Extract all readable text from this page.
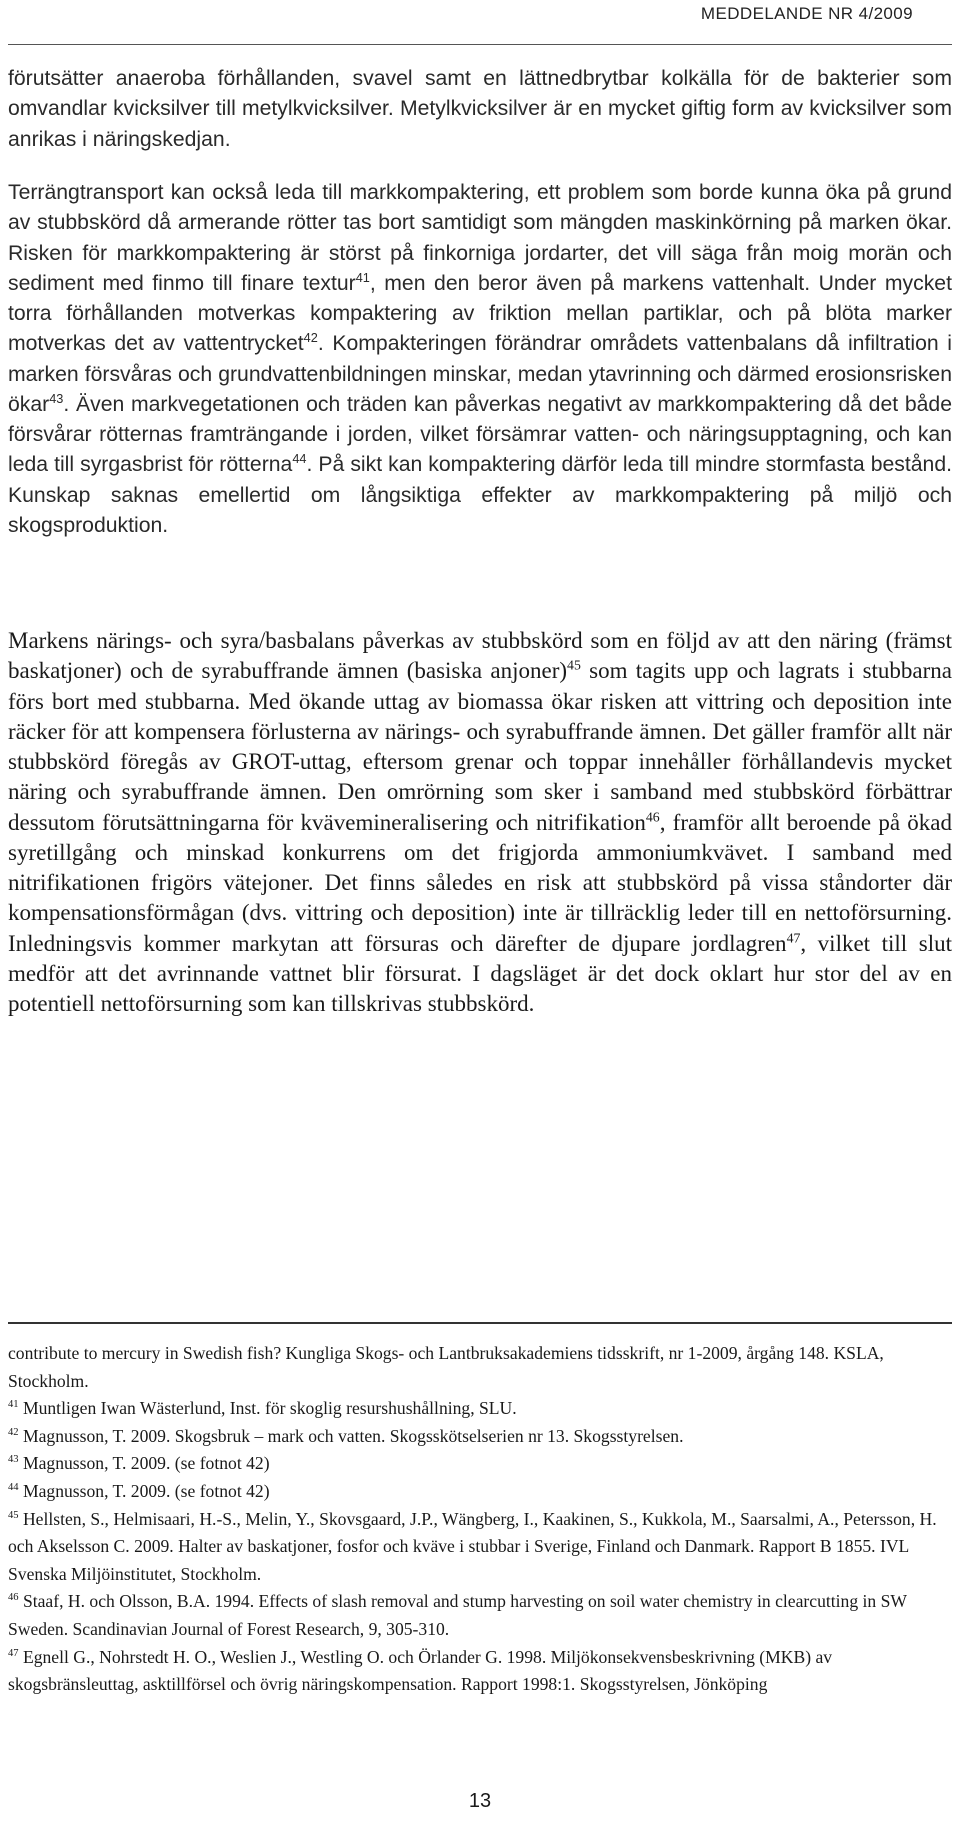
MEDDELANDE NR 4/2009

förutsätter anaeroba förhållanden, svavel samt en lättnedbrytbar kolkälla för de bakterier som omvandlar kvicksilver till metylkvicksilver. Metylkvicksilver är en mycket giftig form av kvicksilver som anrikas i näringskedjan.

Terrängtransport kan också leda till markkompaktering, ett problem som borde kunna öka på grund av stubbskörd då armerande rötter tas bort samtidigt som mängden maskinkörning på marken ökar. Risken för markkompaktering är störst på finkorniga jordarter, det vill säga från moig morän och sediment med finmo till finare textur$^{41}$, men den beror även på markens vattenhalt. Under mycket torra förhållanden motverkas kompaktering av friktion mellan partiklar, och på blöta marker motverkas det av vattentrycket$^{42}$. Kompakteringen förändrar områdets vattenbalans då infiltration i marken försvåras och grundvattenbildningen minskar, medan ytavrinning och därmed erosionsrisken ökar$^{43}$. Även markvegetationen och träden kan påverkas negativt av markkompaktering då det både försvårar rötternas framträngande i jorden, vilket försämrar vatten- och näringsupptagning, och kan leda till syrgasbrist för rötterna$^{44}$. På sikt kan kompaktering därför leda till mindre stormfasta bestånd. Kunskap saknas emellertid om långsiktiga effekter av markkompaktering på miljö och skogsproduktion.

Markens närings- och syra/basbalans påverkas av stubbskörd som en följd av att den näring (främst baskatjoner) och de syrabuffrande ämnen (basiska anjoner)$^{45}$ som tagits upp och lagrats i stubbarna förs bort med stubbarna. Med ökande uttag av biomassa ökar risken att vittring och deposition inte räcker för att kompensera förlusterna av närings- och syrabuffrande ämnen. Det gäller framför allt när stubbskörd föregås av GROT-uttag, eftersom grenar och toppar innehåller förhållandevis mycket näring och syrabuffrande ämnen. Den omrörning som sker i samband med stubbskörd förbättrar dessutom förutsättningarna för kvävemineralisering och nitrifikation$^{46}$, framför allt beroende på ökad syretillgång och minskad konkurrens om det frigjorda ammoniumkvävet. I samband med nitrifikationen frigörs vätejoner. Det finns således en risk att stubbskörd på vissa ståndorter där kompensationsförmågan (dvs. vittring och deposition) inte är tillräcklig leder till en nettoförsurning. Inledningsvis kommer markytan att försuras och därefter de djupare jordlagren$^{47}$, vilket till slut medför att det avrinnande vattnet blir försurat. I dagsläget är det dock oklart hur stor del av en potentiell nettoförsurning som kan tillskrivas stubbskörd.

contribute to mercury in Swedish fish? Kungliga Skogs- och Lantbruksakademiens tidsskrift, nr 1-2009, årgång 148. KSLA, Stockholm.
$^{41}$ Muntligen Iwan Wästerlund, Inst. för skoglig resurshushållning, SLU.
$^{42}$ Magnusson, T. 2009. Skogsbruk – mark och vatten. Skogsskötselserien nr 13. Skogsstyrelsen.
$^{43}$ Magnusson, T. 2009. (se fotnot 42)
$^{44}$ Magnusson, T. 2009. (se fotnot 42)
$^{45}$ Hellsten, S., Helmisaari, H.-S., Melin, Y., Skovsgaard, J.P., Wängberg, I., Kaakinen, S., Kukkola, M., Saarsalmi, A., Petersson, H. och Akselsson C. 2009. Halter av baskatjoner, fosfor och kväve i stubbar i Sverige, Finland och Danmark. Rapport B 1855. IVL Svenska Miljöinstitutet, Stockholm.
$^{46}$ Staaf, H. och Olsson, B.A. 1994. Effects of slash removal and stump harvesting on soil water chemistry in clearcutting in SW Sweden. Scandinavian Journal of Forest Research, 9, 305-310.
$^{47}$ Egnell G., Nohrstedt H. O., Weslien J., Westling O. och Örlander G. 1998. Miljökonsekvensbeskrivning (MKB) av skogsbränsleuttag, asktillförsel och övrig näringskompensation. Rapport 1998:1. Skogsstyrelsen, Jönköping
13
